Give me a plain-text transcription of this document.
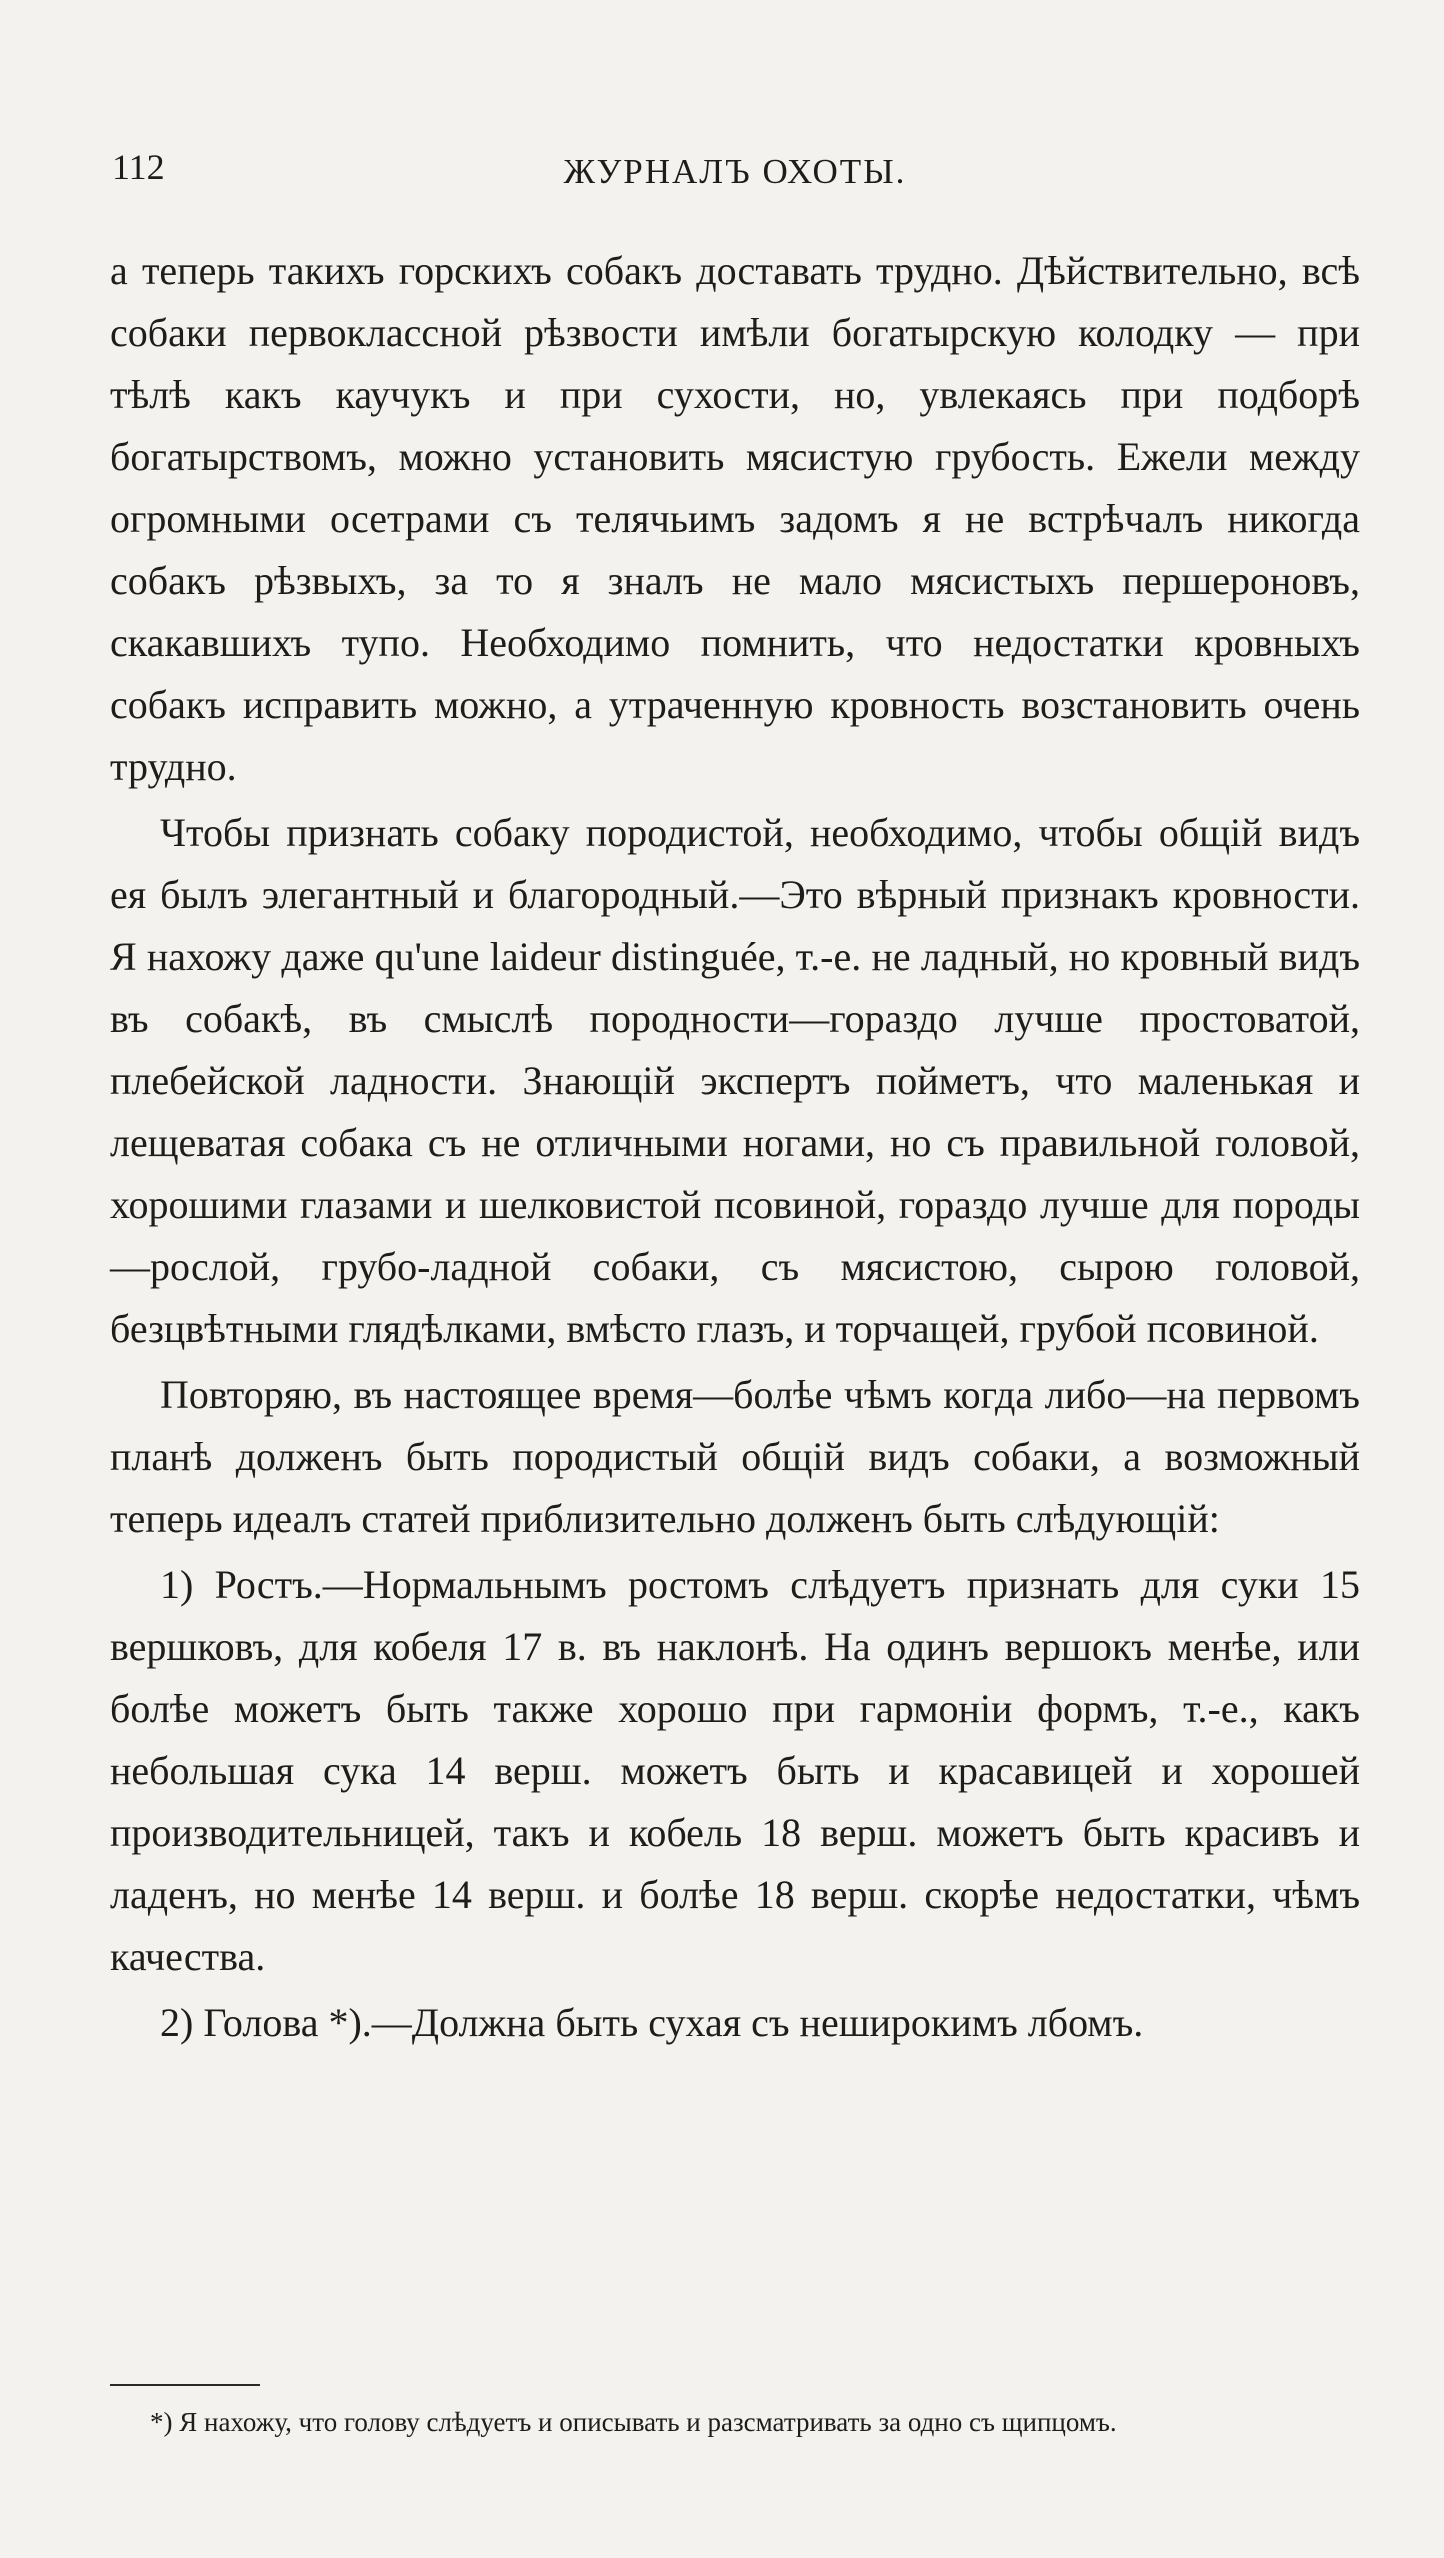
112	ЖУРНАЛЪ ОХОТЫ.

а теперь такихъ горскихъ собакъ доставать трудно. Дѣйствительно, всѣ собаки первоклассной рѣзвости имѣли богатырскую колодку — при тѣлѣ какъ каучукъ и при сухости, но, увлекаясь при подборѣ богатырствомъ, можно установить мясистую грубость. Ежели между огромными осетрами съ телячьимъ задомъ я не встрѣчалъ никогда собакъ рѣзвыхъ, за то я зналъ не мало мясистыхъ першероновъ, скакавшихъ тупо. Необходимо помнить, что недостатки кровныхъ собакъ исправить можно, а утраченную кровность возстановить очень трудно.

Чтобы признать собаку породистой, необходимо, чтобы общій видъ ея былъ элегантный и благородный.—Это вѣрный признакъ кровности. Я нахожу даже qu'une laideur distinguée, т.-е. не ладный, но кровный видъ въ собакѣ, въ смыслѣ породности—гораздо лучше простоватой, плебейской ладности. Знающій экспертъ пойметъ, что маленькая и лещеватая собака съ не отличными ногами, но съ правильной головой, хорошими глазами и шелковистой псовиной, гораздо лучше для породы—рослой, грубо-ладной собаки, съ мясистою, сырою головой, безцвѣтными глядѣлками, вмѣсто глазъ, и торчащей, грубой псовиной.

Повторяю, въ настоящее время—болѣе чѣмъ когда либо—на первомъ планѣ долженъ быть породистый общій видъ собаки, а возможный теперь идеалъ статей приблизительно долженъ быть слѣдующій:

1) Ростъ.—Нормальнымъ ростомъ слѣдуетъ признать для суки 15 вершковъ, для кобеля 17 в. въ наклонѣ. На одинъ вершокъ менѣе, или болѣе можетъ быть также хорошо при гармоніи формъ, т.-е., какъ небольшая сука 14 верш. можетъ быть и красавицей и хорошей производительницей, такъ и кобель 18 верш. можетъ быть красивъ и ладенъ, но менѣе 14 верш. и болѣе 18 верш. скорѣе недостатки, чѣмъ качества.

2) Голова *).—Должна быть сухая съ неширокимъ лбомъ.

*) Я нахожу, что голову слѣдуетъ и описывать и разсматривать за одно съ щипцомъ.
